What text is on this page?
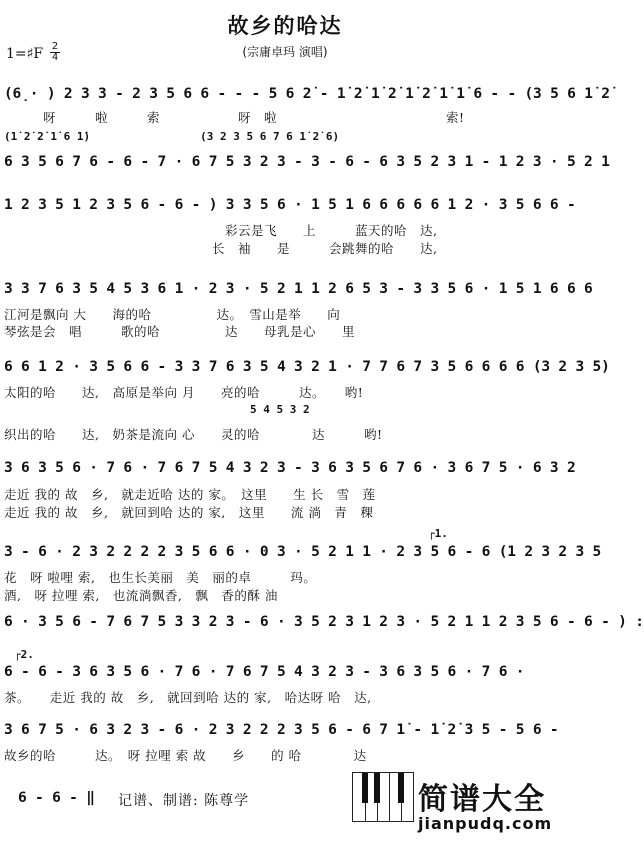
故乡的哈达
(宗庸卓玛 演唱)
1=♯F 2
4
(6̣· ) 2 3 3 - 2 3 5 6 6 - - - 5 6 2̇ - 1̇ 2̇ 1̇ 2̇ 1̇ 2̇ 1̇ 1̇ 6 - - (3 5 6 1̇ 2̇
　　　呀　　　啦　　　索　　　　　　呀　啦　　　　　　　　　　　　　索!
(1̇ 2̇ 2̇ 1̇ 6 1̇)　　　　　　　　　　(3 2 3 5 6 7 6 1̇ 2̇ 6)
6 3 5 6 7 6 - 6 - 7 · 6 7 5 3 2 3 - 3 - 6 - 6 3 5 2 3 1 - 1 2 3 · 5 2 1
1 2 3 5 1 2 3 5 6 - 6 - ) 3 3 5 6 · 1 5 1 6 6 6 6 6 1 2 · 3 5 6 6 -
　　　　　　　　　　　　　　　　　彩云是飞　　上　　　蓝天的哈　达,
　　　　　　　　　　　　　　　　长　袖　　是　　　会跳舞的哈　　达,
3 3 7 6 3 5 4 5 3 6 1 · 2 3 · 5 2 1 1 2 6 5 3 - 3 3 5 6 · 1 5 1 6 6 6
江河是飘向 大　　海的哈　　　　　达。　雪山是举　　向
琴弦是会　唱　　　歌的哈　　　　　达　　母乳是心　　里
6 6 1 2 · 3 5 6 6 - 3 3 7 6 3 5 4 3 2 1 · 7 7 6 7 3 5 6 6 6 6 (3 2 3 5)
太阳的哈　　达,　高原是举向 月　　亮的哈　　　达。　　哟!
5 4 5 3 2
织出的哈　　达,　奶茶是流向 心　　灵的哈　　　　达　　　哟!
3 6 3 5 6 · 7 6 · 7 6 7 5 4 3 2 3 - 3 6 3 5 6 7 6 · 3 6 7 5 · 6 3 2
走近 我的 故　乡,　就走近哈 达的 家。　这里　　生 长　雪　莲
走近 我的 故　乡,　就回到哈 达的 家,　这里　　流 淌　青　稞
┌1.
3 - 6 · 2 3 2 2 2 2 3 5 6 6 · 0 3 · 5 2 1 1 · 2 3 5 6 - 6 (1 2 3 2 3 5
花　呀 啦哩 索,　也生长美丽　美　丽的卓　　　玛。
酒,　呀 拉哩 索,　也流淌飘香,　飘　香的酥 油
6 · 3 5 6 - 7 6 7 5 3 3 2 3 - 6 · 3 5 2 3 1 2 3 · 5 2 1 1 2 3 5 6 - 6 - ) :
┌2.
6 - 6 - 3 6 3 5 6 · 7 6 · 7 6 7 5 4 3 2 3 - 3 6 3 5 6 · 7 6 ·
茶。　　走近 我的 故　乡,　就回到哈 达的 家,　哈达呀 哈　达,
3 6 7 5 · 6 3 2 3 - 6 · 2 3 2 2 2 3 5 6 - 6 7 1̇ - 1̇ 2̇ 3 5 - 5 6 -
故乡的哈　　　达。　呀 拉哩 索 故　　乡　　的 哈　　　　达
6 - 6 - ‖	记谱、制谱: 陈尊学	简谱大全
jianpudq.com
